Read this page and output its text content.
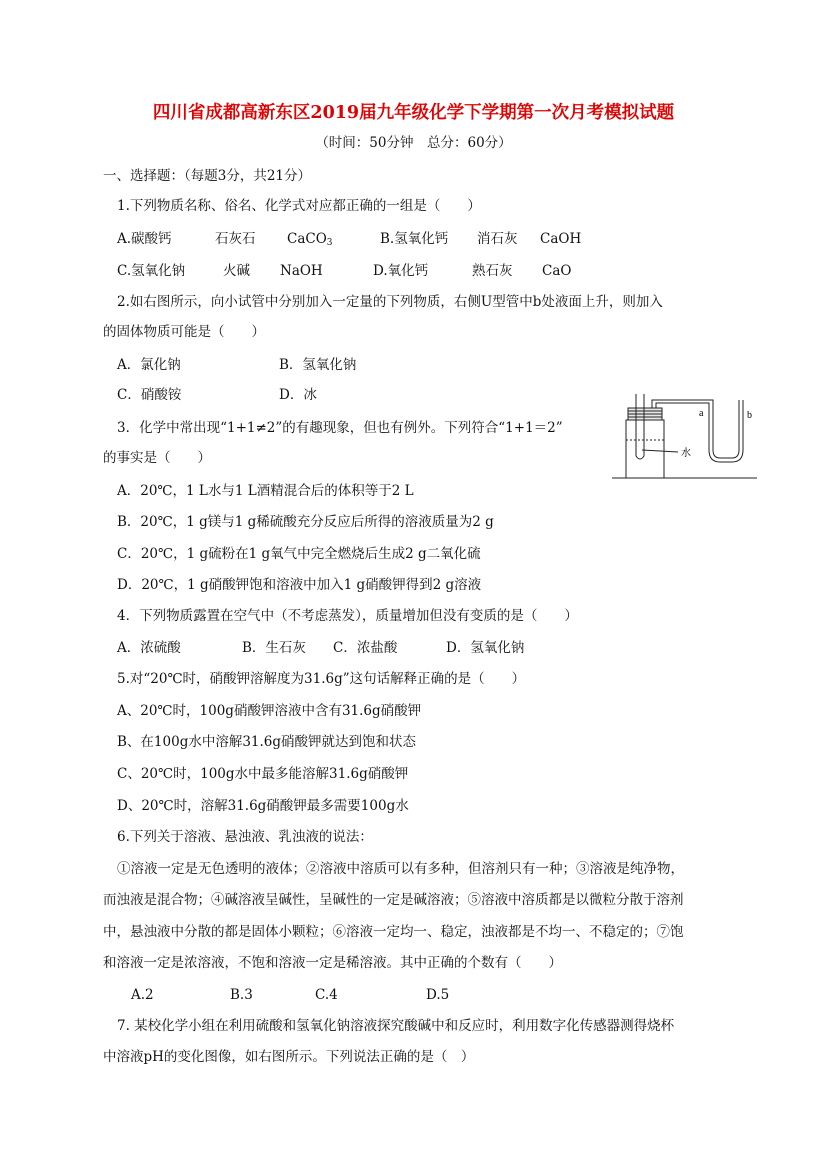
四川省成都高新东区2019届九年级化学下学期第一次月考模拟试题
（时间：50分钟　总分：60分）
一、选择题：（每题3分，共21分）
1.下列物质名称、俗名、化学式对应都正确的一组是（　　）
A.碳酸钙	石灰石 CaCO$_3$	B.氢氧化钙 消石灰 CaOH
C.氢氧化钠	火碱 NaOH	D.氧化钙	熟石灰 CaO
2.如右图所示，向小试管中分别加入一定量的下列物质，右侧U型管中b处液面上升，则加入
的固体物质可能是（　　）
A．氯化钠	B．氢氧化钠
C．硝酸铵	D．冰
a	b
水
3．化学中常出现“1+1≠2”的有趣现象，但也有例外。下列符合“1+1＝2”
的事实是（　　）
A．20℃，1 L水与1 L酒精混合后的体积等于2 L
B．20℃，1 g镁与1 g稀硫酸充分反应后所得的溶液质量为2 g
C．20℃，1 g硫粉在1 g氧气中完全燃烧后生成2 g二氧化硫
D．20℃，1 g硝酸钾饱和溶液中加入1 g硝酸钾得到2 g溶液
4．下列物质露置在空气中（不考虑蒸发），质量增加但没有变质的是（　　）
A．浓硫酸	B．生石灰 C．浓盐酸	D．氢氧化钠
5.对“20℃时，硝酸钾溶解度为31.6g”这句话解释正确的是（　　）
A、20℃时，100g硝酸钾溶液中含有31.6g硝酸钾
B、在100g水中溶解31.6g硝酸钾就达到饱和状态
C、20℃时，100g水中最多能溶解31.6g硝酸钾
D、20℃时，溶解31.6g硝酸钾最多需要100g水
6.下列关于溶液、悬浊液、乳浊液的说法：
①溶液一定是无色透明的液体；②溶液中溶质可以有多种，但溶剂只有一种；③溶液是纯净物，
而浊液是混合物；④碱溶液呈碱性，呈碱性的一定是碱溶液；⑤溶液中溶质都是以微粒分散于溶剂
中，悬浊液中分散的都是固体小颗粒；⑥溶液一定均一、稳定，浊液都是不均一、不稳定的；⑦饱
和溶液一定是浓溶液，不饱和溶液一定是稀溶液。其中正确的个数有（　　）
A.2	B.3	C.4	D.5
7. 某校化学小组在利用硫酸和氢氧化钠溶液探究酸碱中和反应时，利用数字化传感器测得烧杯
中溶液pH的变化图像，如右图所示。下列说法正确的是（　）
